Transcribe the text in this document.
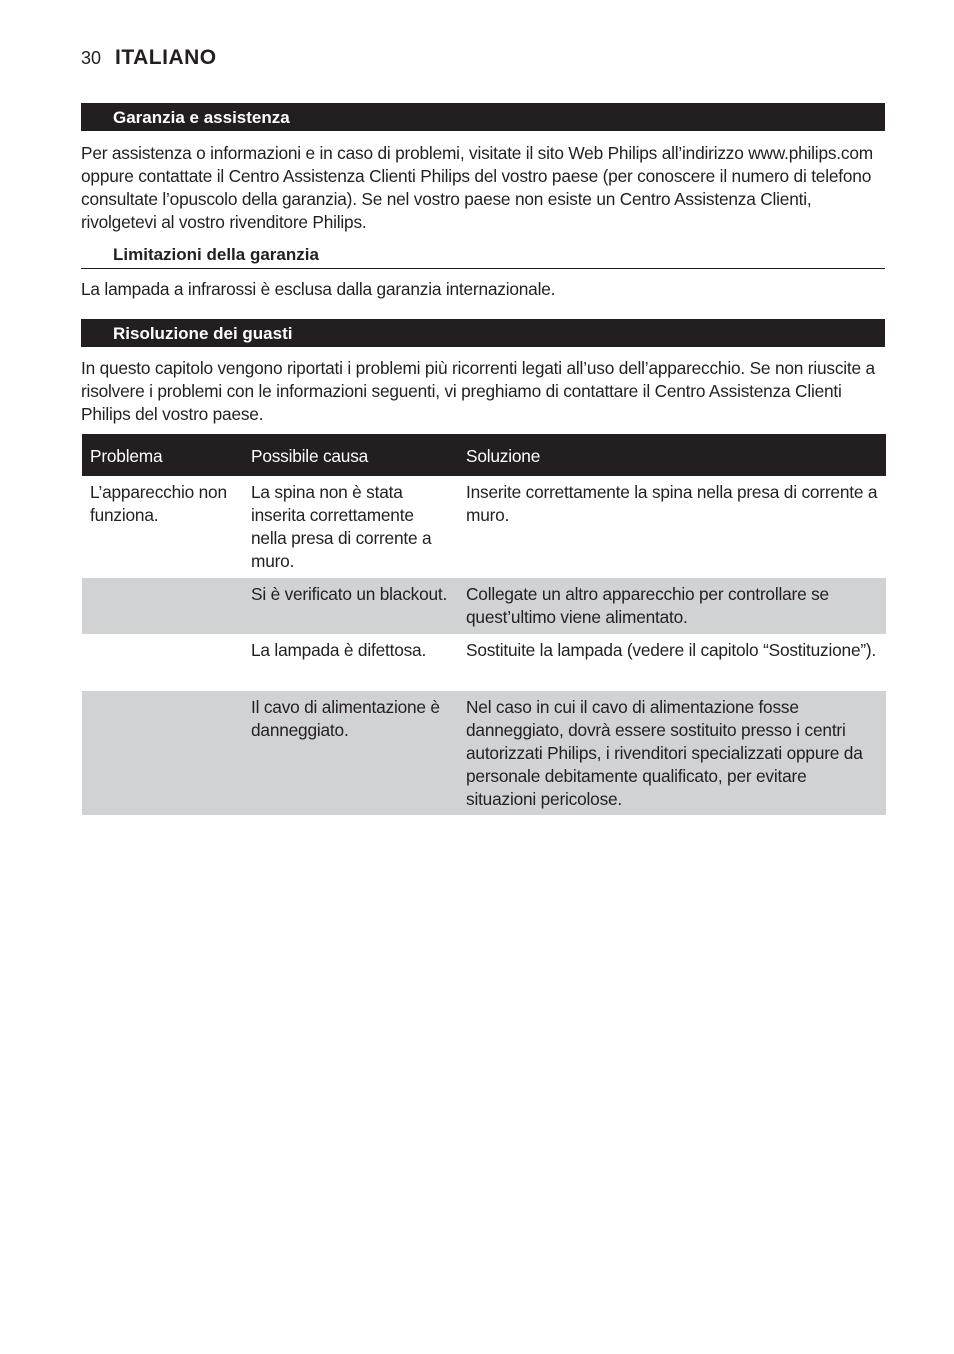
30 ITALIANO
Garanzia e assistenza

Per assistenza o informazioni e in caso di problemi, visitate il sito Web Philips all’indirizzo www.philips.com oppure contattate il Centro Assistenza Clienti Philips del vostro paese (per conoscere il numero di telefono consultate l’opuscolo della garanzia). Se nel vostro paese non esiste un Centro Assistenza Clienti, rivolgetevi al vostro rivenditore Philips.

Limitazioni della garanzia

La lampada a infrarossi è esclusa dalla garanzia internazionale.

Risoluzione dei guasti

In questo capitolo vengono riportati i problemi più ricorrenti legati all’uso dell’apparecchio. Se non riuscite a risolvere i problemi con le informazioni seguenti, vi preghiamo di contattare il Centro Assistenza Clienti Philips del vostro paese.

Problema	Possibile causa	Soluzione
L’apparecchio non funziona.	La spina non è stata inserita correttamente nella presa di corrente a muro.	Inserite correttamente la spina nella presa di corrente a muro.
	Si è verificato un blackout.	Collegate un altro apparecchio per controllare se quest’ultimo viene alimentato.
	La lampada è difettosa.	Sostituite la lampada (vedere il capitolo “Sostituzione”).
	Il cavo di alimentazione è danneggiato.	Nel caso in cui il cavo di alimentazione fosse danneggiato, dovrà essere sostituito presso i centri autorizzati Philips, i rivenditori specializzati oppure da personale debitamente qualificato, per evitare situazioni pericolose.
